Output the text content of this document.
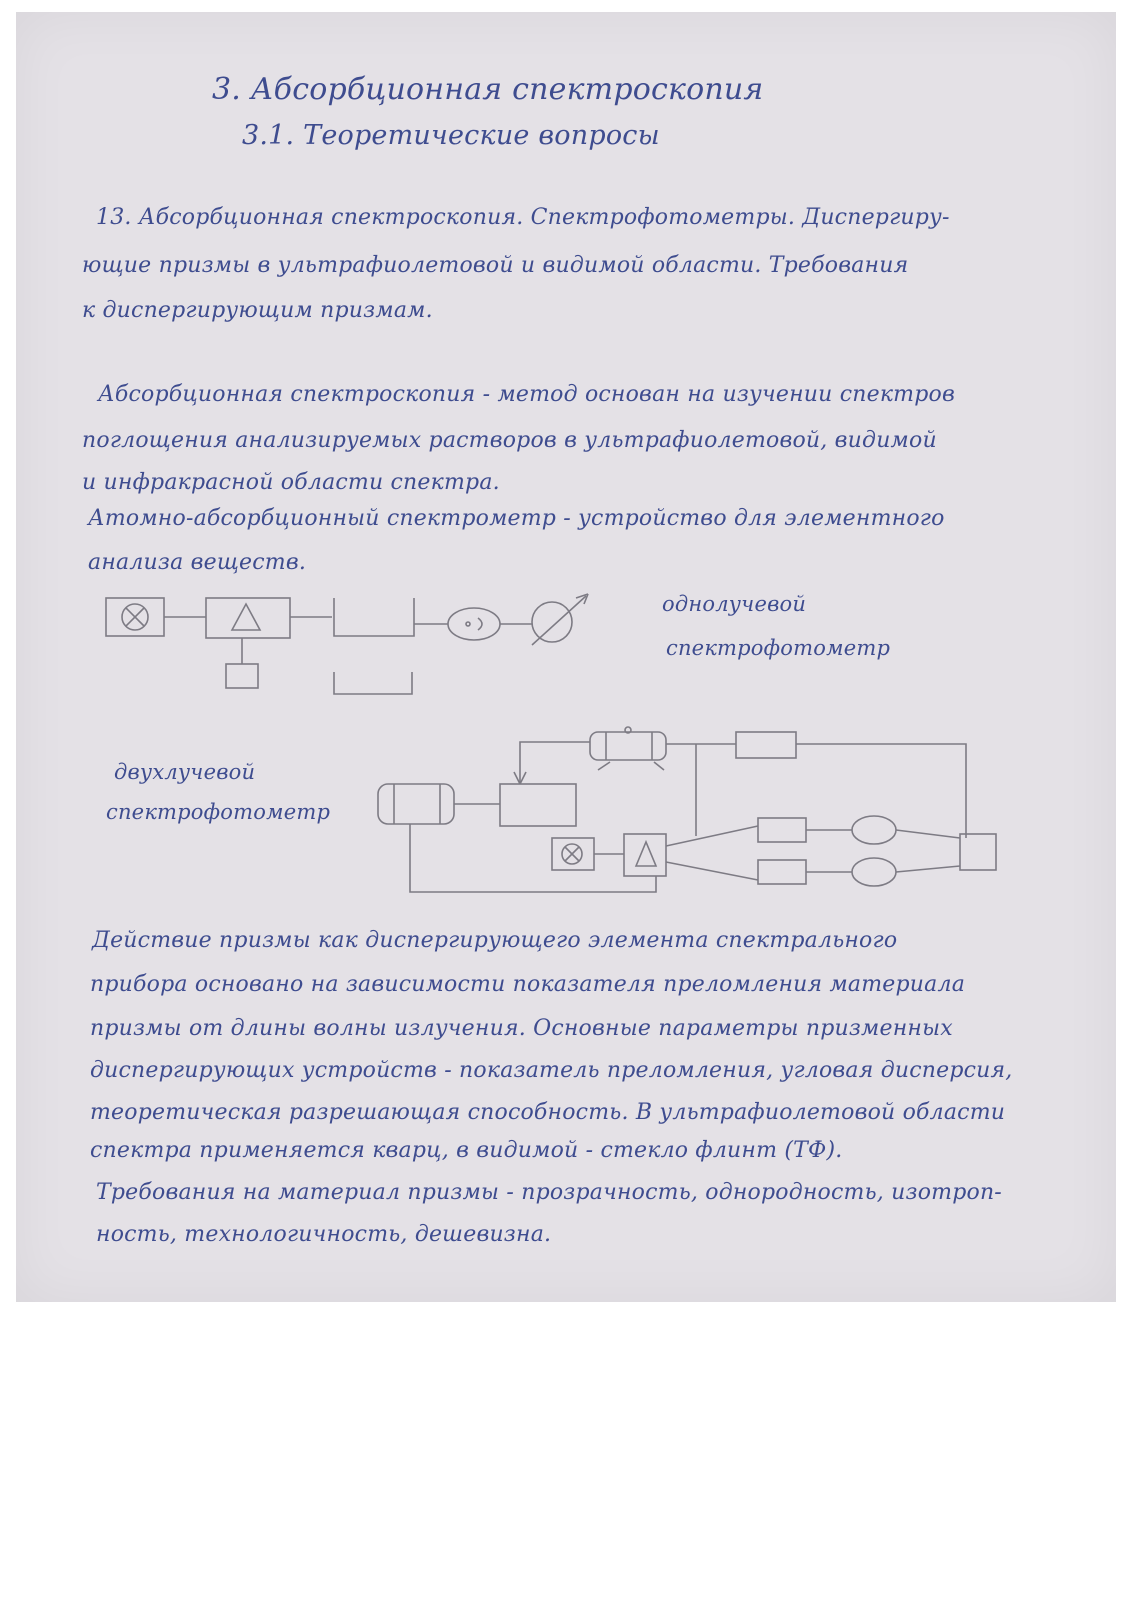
3. Абсорбционная спектроскопия
3.1. Теоретические вопросы
13. Абсорбционная спектроскопия. Спектрофотометры. Диспергиру-
ющие призмы в ультрафиолетовой и видимой области. Требования
к диспергирующим призмам.
Абсорбционная спектроскопия - метод основан на изучении спектров
поглощения анализируемых растворов в ультрафиолетовой, видимой
и инфракрасной области спектра.
Атомно-абсорбционный спектрометр - устройство для элементного
анализа веществ.
однолучевой
спектрофотометр
двухлучевой
спектрофотометр
Действие призмы как диспергирующего элемента спектрального
прибора основано на зависимости показателя преломления материала
призмы от длины волны излучения. Основные параметры призменных
диспергирующих устройств - показатель преломления, угловая дисперсия,
теоретическая разрешающая способность. В ультрафиолетовой области
спектра применяется кварц, в видимой - стекло флинт (ТФ).
Требования на материал призмы - прозрачность, однородность, изотроп-
ность, технологичность, дешевизна.
